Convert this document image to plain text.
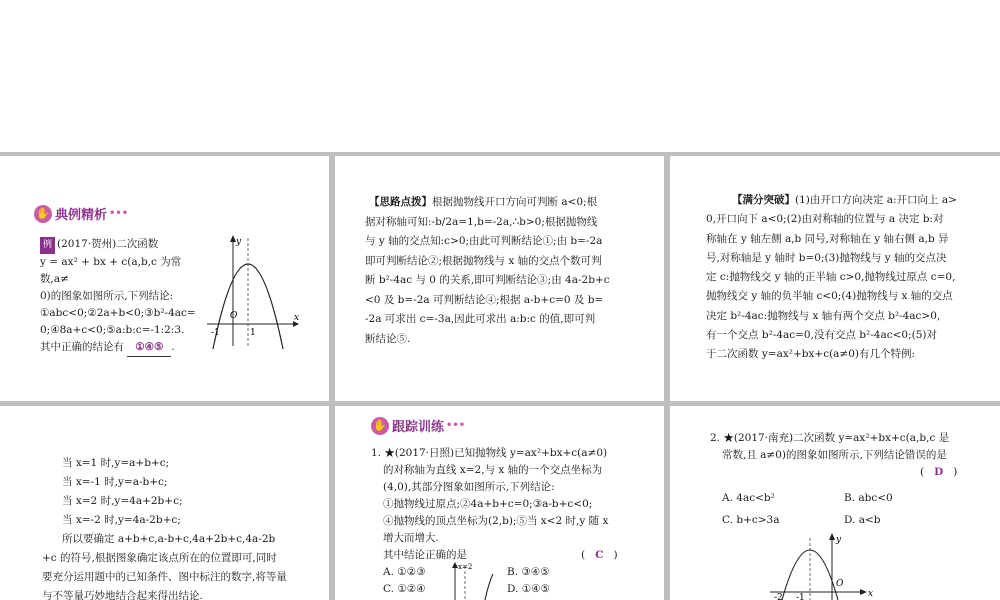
✋ 典例精析 •••
例 (2017·贺州)二次函数
y = ax² + bx + c(a,b,c 为常数,a≠
0)的图象如图所示,下列结论:
①abc<0;②2a+b<0;③b²-4ac=
0;④8a+c<0;⑤a:b:c=-1:2:3.
其中正确的结论有 ①④⑤ .
O
-1	1
x
y
【思路点拨】根据抛物线开口方向可判断 a<0;根
据对称轴可知:-b/2a=1,b=-2a,∴b>0;根据抛物线
与 y 轴的交点知:c>0;由此可判断结论①;由 b=-2a
即可判断结论②;根据抛物线与 x 轴的交点个数可判
断 b²-4ac 与 0 的关系,即可判断结论③;由 4a-2b+c
<0 及 b=-2a 可判断结论④;根据 a-b+c=0 及 b=
-2a 可求出 c=-3a,因此可求出 a:b:c 的值,即可判
断结论⑤.
【满分突破】(1)由开口方向决定 a:开口向上 a>
0,开口向下 a<0;(2)由对称轴的位置与 a 决定 b:对
称轴在 y 轴左侧 a,b 同号,对称轴在 y 轴右侧 a,b 异
号,对称轴是 y 轴时 b=0;(3)抛物线与 y 轴的交点决
定 c:抛物线交 y 轴的正半轴 c>0,抛物线过原点 c=0,
抛物线交 y 轴的负半轴 c<0;(4)抛物线与 x 轴的交点
决定 b²-4ac:抛物线与 x 轴有两个交点 b²-4ac>0,
有一个交点 b²-4ac=0,没有交点 b²-4ac<0;(5)对
于二次函数 y=ax²+bx+c(a≠0)有几个特例:
当 x=1 时,y=a+b+c;
当 x=-1 时,y=a-b+c;
当 x=2 时,y=4a+2b+c;
当 x=-2 时,y=4a-2b+c;
所以要确定 a+b+c,a-b+c,4a+2b+c,4a-2b
+c 的符号,根据图象确定该点所在的位置即可,同时
要充分运用题中的已知条件、图中标注的数字,将等量
与不等量巧妙地结合起来得出结论.
✋ 跟踪训练 •••
1. ★(2017·日照)已知抛物线 y=ax²+bx+c(a≠0)
的对称轴为直线 x=2,与 x 轴的一个交点坐标为
(4,0),其部分图象如图所示,下列结论:
①抛物线过原点;②4a+b+c=0;③a-b+c<0;
④抛物线的顶点坐标为(2,b);⑤当 x<2 时,y 随 x
增大而增大.
其中结论正确的是	(   C   )
A. ①②③	B. ③④⑤
C. ①②④	D. ①④⑤
x=2
2. ★(2017·南充)二次函数 y=ax²+bx+c(a,b,c 是
常数,且 a≠0)的图象如图所示,下列结论错误的是
(   D   )
A. 4ac<b²	B. abc<0
C. b+c>3a	D. a<b
y
O
x
-2 -1
